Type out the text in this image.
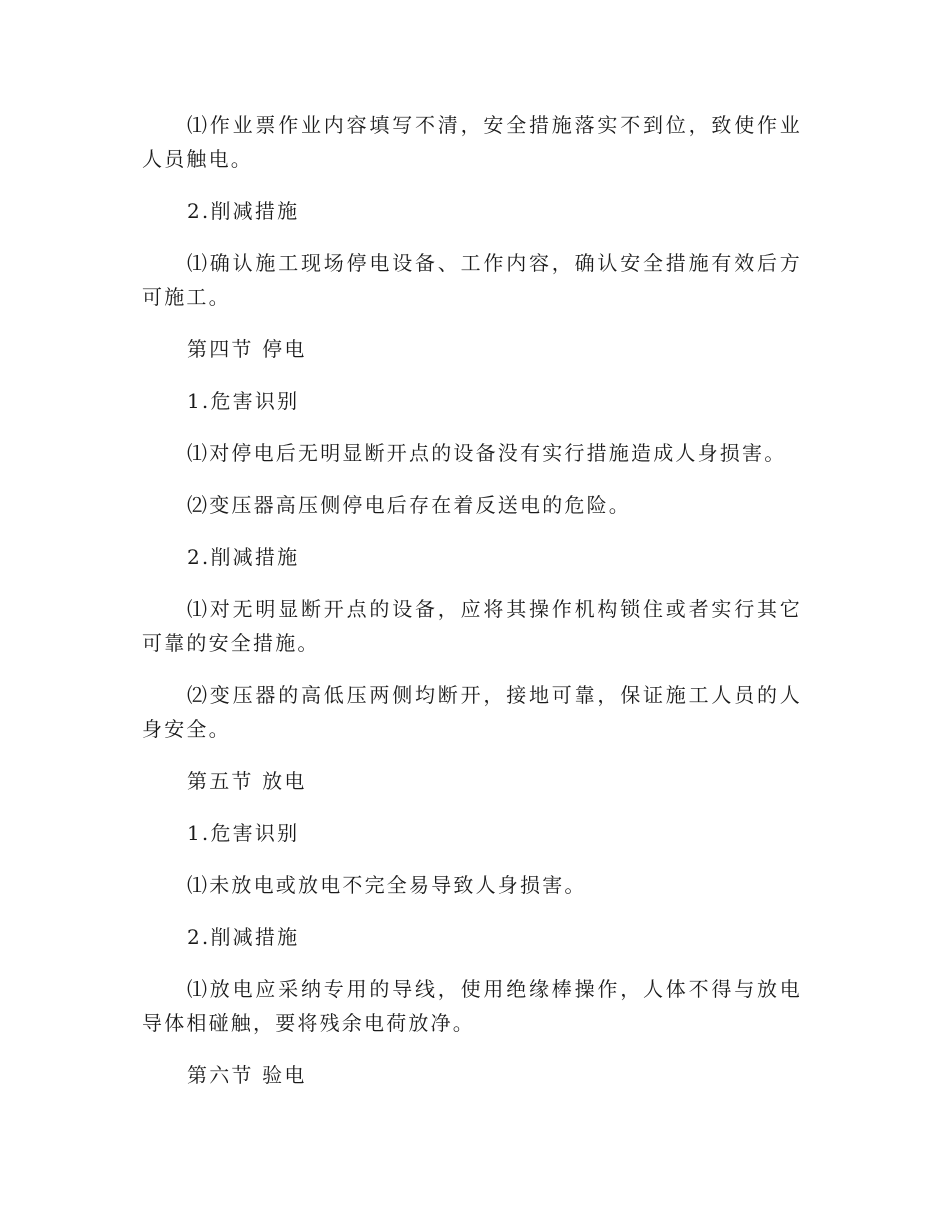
⑴作业票作业内容填写不清，安全措施落实不到位，致使作业人员触电。

2.削减措施

⑴确认施工现场停电设备、工作内容，确认安全措施有效后方可施工。

第四节 停电

1.危害识别

⑴对停电后无明显断开点的设备没有实行措施造成人身损害。

⑵变压器高压侧停电后存在着反送电的危险。

2.削减措施

⑴对无明显断开点的设备，应将其操作机构锁住或者实行其它可靠的安全措施。

⑵变压器的高低压两侧均断开，接地可靠，保证施工人员的人身安全。

第五节 放电

1.危害识别

⑴未放电或放电不完全易导致人身损害。

2.削减措施

⑴放电应采纳专用的导线，使用绝缘棒操作，人体不得与放电导体相碰触，要将残余电荷放净。

第六节 验电
